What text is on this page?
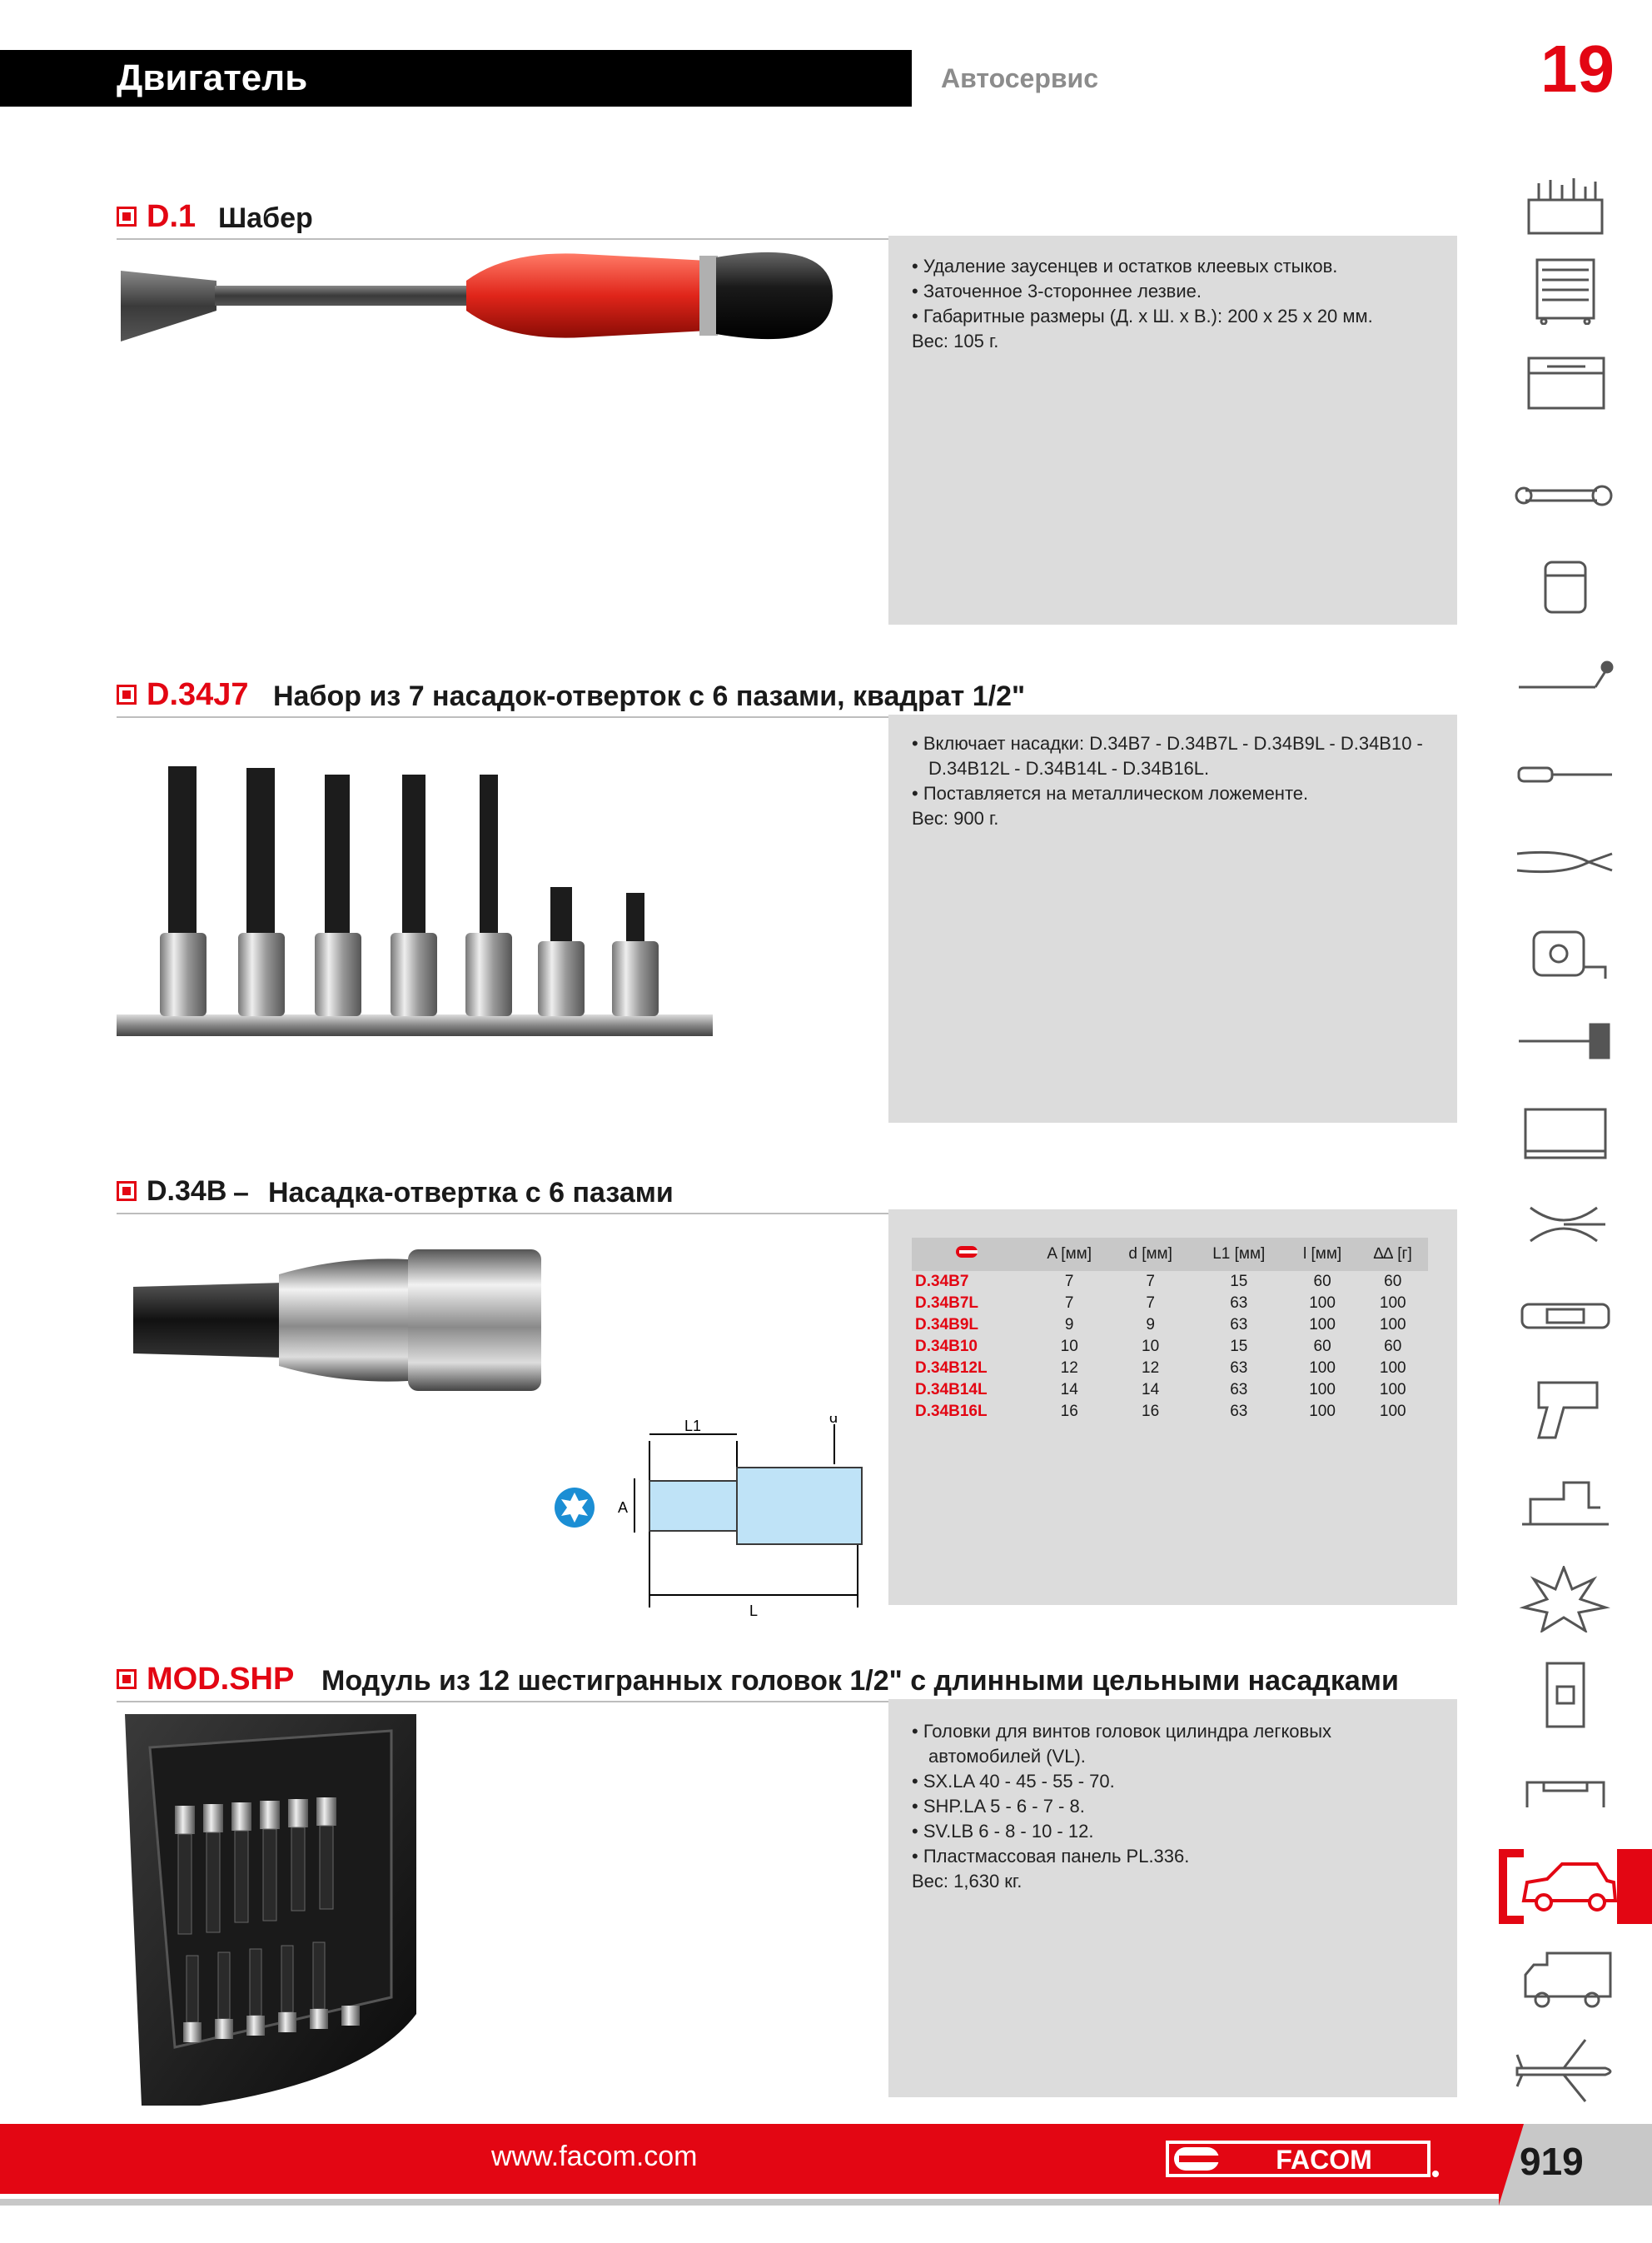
Двигатель	Автосервис	19
D.1 Шабер
• Удаление заусенцев и остатков клеевых стыков.
• Заточенное 3-стороннее лезвие.
• Габаритные размеры (Д. x Ш. x В.): 200 x 25 x 20 мм.
Вес: 105 г.
D.34J7 Набор из 7 насадок-отверток с 6 пазами, квадрат 1/2"
• Включает насадки: D.34B7 - D.34B7L - D.34B9L - D.34B10 -
D.34B12L - D.34B14L - D.34B16L.
• Поставляется на металлическом ложементе.
Вес: 900 г.
D.34B – Насадка-отвертка с 6 пазами
L1	d
A
L
	A [мм]	d [мм]	L1 [мм]	l [мм]	∆∆ [г]
D.34B7	7	7	15	60	60
D.34B7L	7	7	63	100	100
D.34B9L	9	9	63	100	100
D.34B10	10	10	15	60	60
D.34B12L	12	12	63	100	100
D.34B14L	14	14	63	100	100
D.34B16L	16	16	63	100	100
MOD.SHP Модуль из 12 шестигранных головок 1/2" с длинными цельными насадками
• Головки для винтов головок цилиндра легковых
автомобилей (VL).
• SX.LA 40 - 45 - 55 - 70.
• SHP.LA 5 - 6 - 7 - 8.
• SV.LB 6 - 8 - 10 - 12.
• Пластмассовая панель PL.336.
Вес: 1,630 кг.
www.facom.com	FACOM	919
